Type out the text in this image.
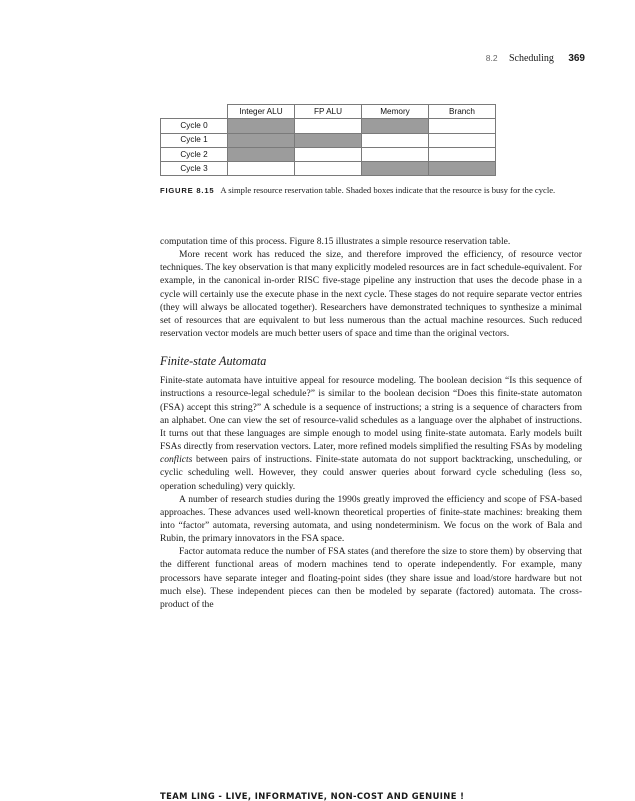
8.2 Scheduling 369
	Integer ALU	FP ALU	Memory	Branch
Cycle 0				
Cycle 1				
Cycle 2				
Cycle 3				
FIGURE 8.15 A simple resource reservation table. Shaded boxes indicate that the resource is busy for the cycle.

computation time of this process. Figure 8.15 illustrates a simple resource reservation table.

More recent work has reduced the size, and therefore improved the efficiency, of resource vector techniques. The key observation is that many explicitly modeled resources are in fact schedule-equivalent. For example, in the canonical in-order RISC five-stage pipeline any instruction that uses the decode phase in a cycle will certainly use the execute phase in the next cycle. These stages do not require separate vector entries (they will always be allocated together). Researchers have demonstrated techniques to synthesize a minimal set of resources that are equivalent to but less numerous than the actual machine resources. Such reduced reservation vector models are much better users of space and time than the original vectors.

Finite-state Automata

Finite-state automata have intuitive appeal for resource modeling. The boolean decision “Is this sequence of instructions a resource-legal schedule?” is similar to the boolean decision “Does this finite-state automaton (FSA) accept this string?” A schedule is a sequence of instructions; a string is a sequence of characters from an alphabet. One can view the set of resource-valid schedules as a language over the alphabet of instructions. It turns out that these languages are simple enough to model using finite-state automata. Early models built FSAs directly from reservation vectors. Later, more refined models simplified the resulting FSAs by modeling conflicts between pairs of instructions. Finite-state automata do not support backtracking, unscheduling, or cyclic scheduling well. However, they could answer queries about forward cycle scheduling (less so, operation scheduling) very quickly.

A number of research studies during the 1990s greatly improved the efficiency and scope of FSA-based approaches. These advances used well-known theoretical properties of finite-state machines: breaking them into “factor” automata, reversing automata, and using nondeterminism. We focus on the work of Bala and Rubin, the primary innovators in the FSA space.

Factor automata reduce the number of FSA states (and therefore the size to store them) by observing that the different functional areas of modern machines tend to operate independently. For example, many processors have separate integer and floating-point sides (they share issue and load/store hardware but not much else). These independent pieces can then be modeled by separate (factored) automata. The cross-product of the

TEAM LING - LIVE, INFORMATIVE, NON-COST AND GENUINE !
